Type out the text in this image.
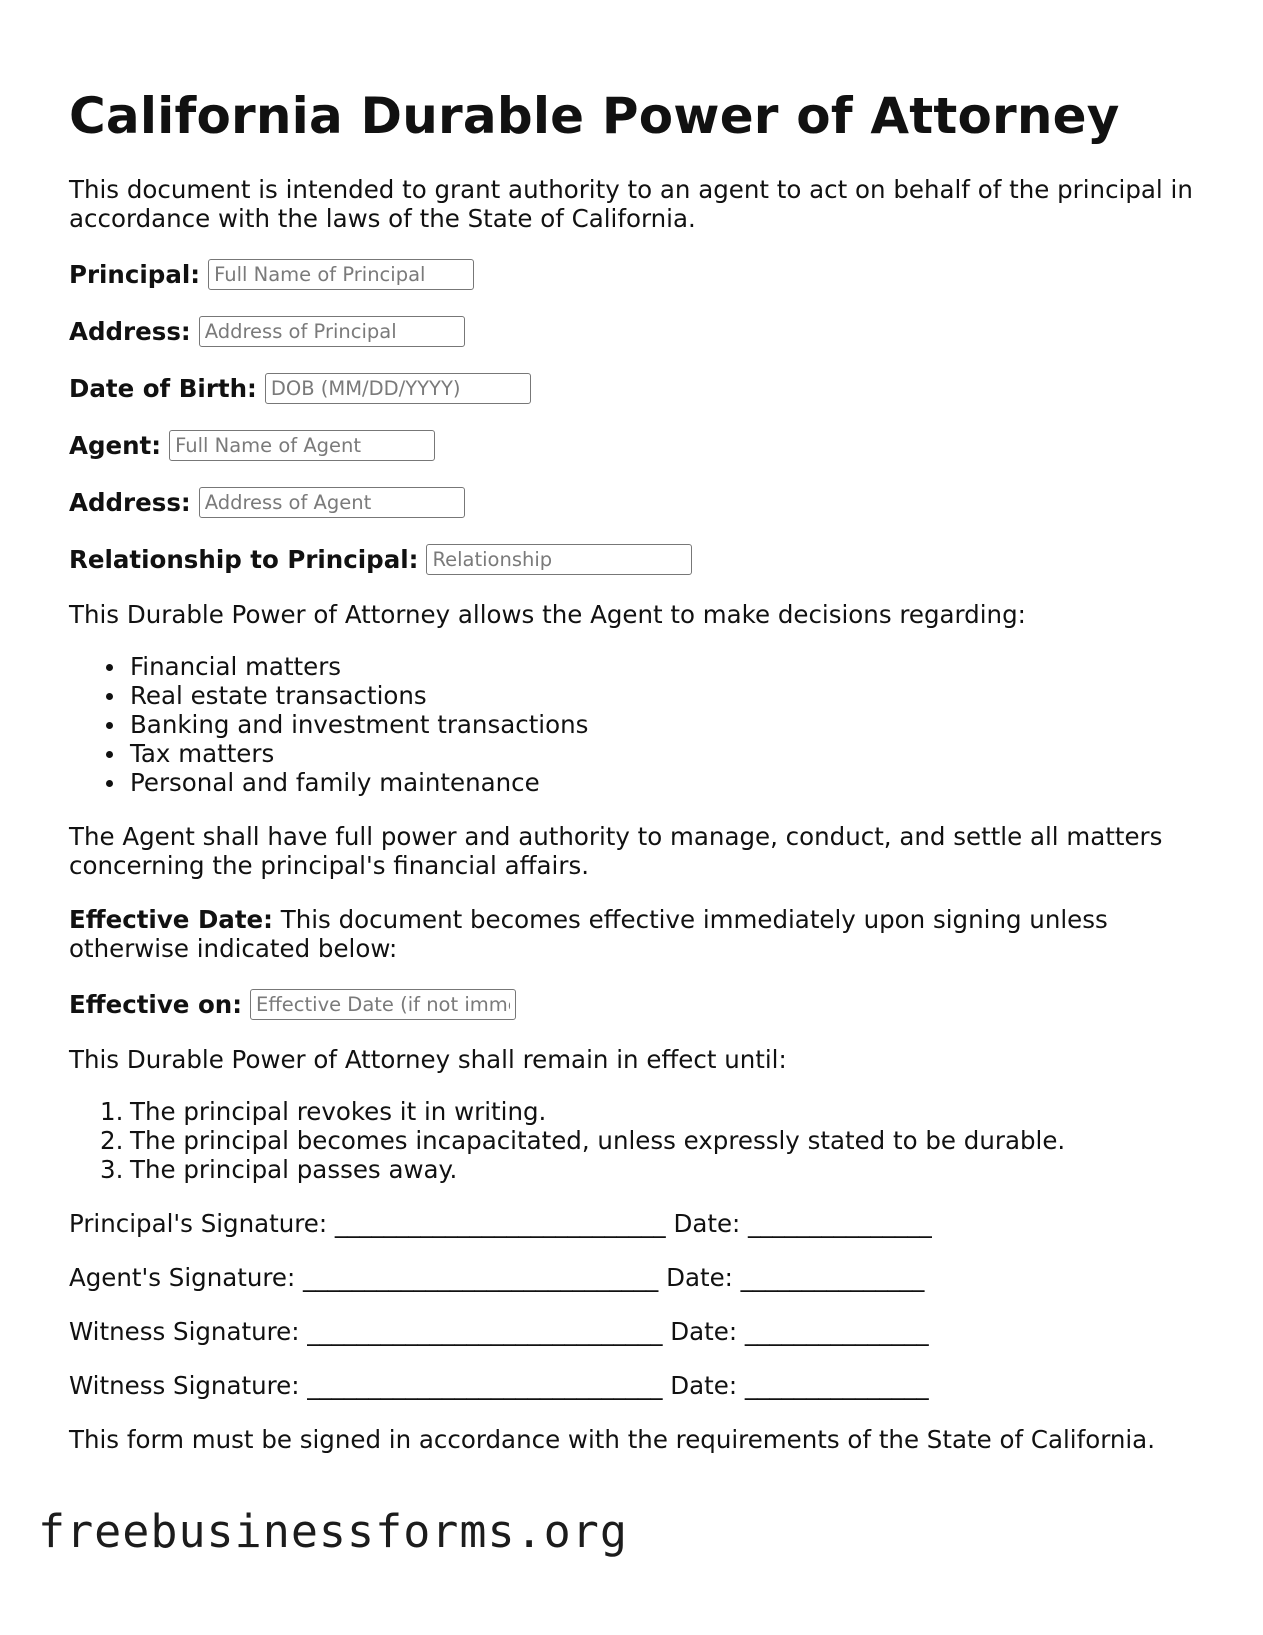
California Durable Power of Attorney

This document is intended to grant authority to an agent to act on behalf of the principal in accordance with the laws of the State of California.

Principal:
Full Name of Principal
Address:
Address of Principal
Date of Birth:
DOB (MM/DD/YYYY)
Agent:
Full Name of Agent
Address:
Address of Agent
Relationship to Principal:
Relationship

This Durable Power of Attorney allows the Agent to make decisions regarding:

Financial matters
Real estate transactions
Banking and investment transactions
Tax matters
Personal and family maintenance

The Agent shall have full power and authority to manage, conduct, and settle all matters concerning the principal's financial affairs.

Effective Date: This document becomes effective immediately upon signing unless otherwise indicated below:

Effective on:
Effective Date (if not immediately)

This Durable Power of Attorney shall remain in effect until:

1. The principal revokes it in writing.
2. The principal becomes incapacitated, unless expressly stated to be durable.
3. The principal passes away.

Principal's Signature: ___________________________ Date: _______________

Agent's Signature: _____________________________ Date: _______________

Witness Signature: _____________________________ Date: _______________

Witness Signature: _____________________________ Date: _______________

This form must be signed in accordance with the requirements of the State of California.

freebusinessforms.org
